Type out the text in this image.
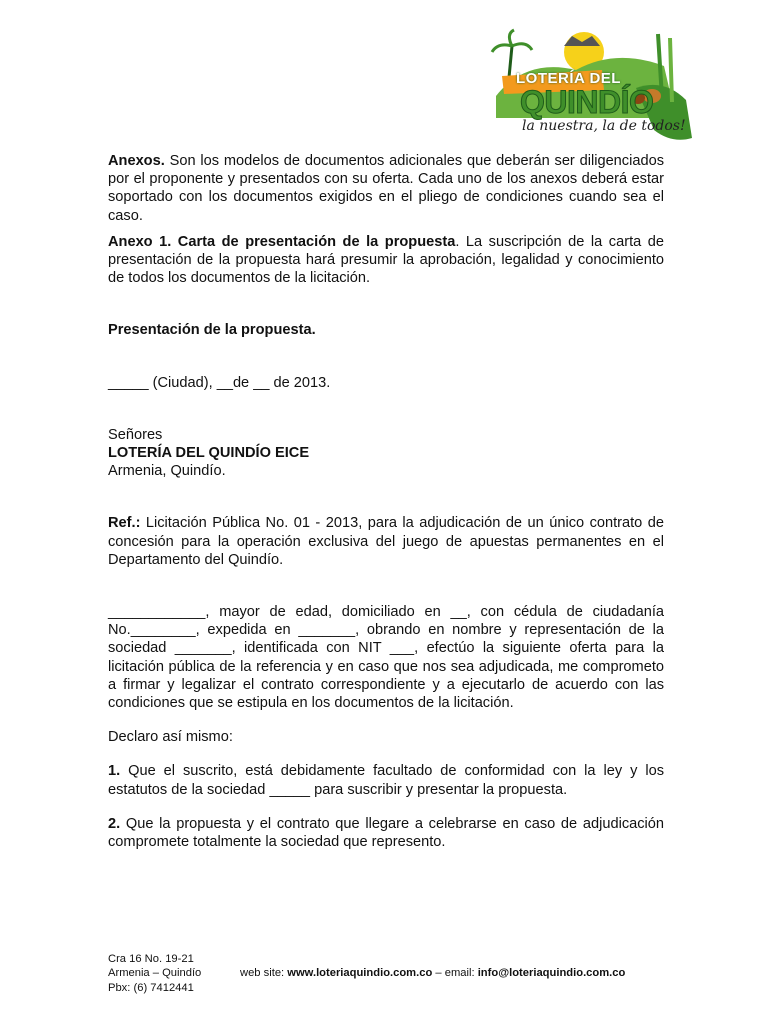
LOTERÍA DEL
QUINDÍO
la nuestra, la de todos!

Anexos. Son los modelos de documentos adicionales que deberán ser diligenciados por el proponente y presentados con su oferta. Cada uno de los anexos deberá estar soportado con los documentos exigidos en el pliego de condiciones cuando sea el caso.

Anexo 1. Carta de presentación de la propuesta. La suscripción de la carta de presentación de la propuesta hará presumir la aprobación, legalidad y conocimiento de todos los documentos de la licitación.

Presentación de la propuesta.

_____ (Ciudad), __de __ de 2013.

Señores

LOTERÍA DEL QUINDÍO EICE

Armenia, Quindío.

Ref.: Licitación Pública No. 01 - 2013, para la adjudicación de un único contrato de concesión para la operación exclusiva del juego de apuestas permanentes en el Departamento del Quindío.

____________, mayor de edad, domiciliado en __, con cédula de ciudadanía No.________, expedida en _______, obrando en nombre y representación de la sociedad _______, identificada con NIT ___, efectúo la siguiente oferta para la licitación pública de la referencia y en caso que nos sea adjudicada, me comprometo a firmar y legalizar el contrato correspondiente y a ejecutarlo de acuerdo con las condiciones que se estipula en los documentos de la licitación.

Declaro así mismo:

1. Que el suscrito, está debidamente facultado de conformidad con la ley y los estatutos de la sociedad _____ para suscribir y presentar la propuesta.

2. Que la propuesta y el contrato que llegare a celebrarse en caso de adjudicación compromete totalmente la sociedad que represento.

Cra 16 No. 19-21
Armenia – Quindío
Pbx: (6) 7412441
web site: www.loteriaquindio.com.co – email: info@loteriaquindio.com.co
